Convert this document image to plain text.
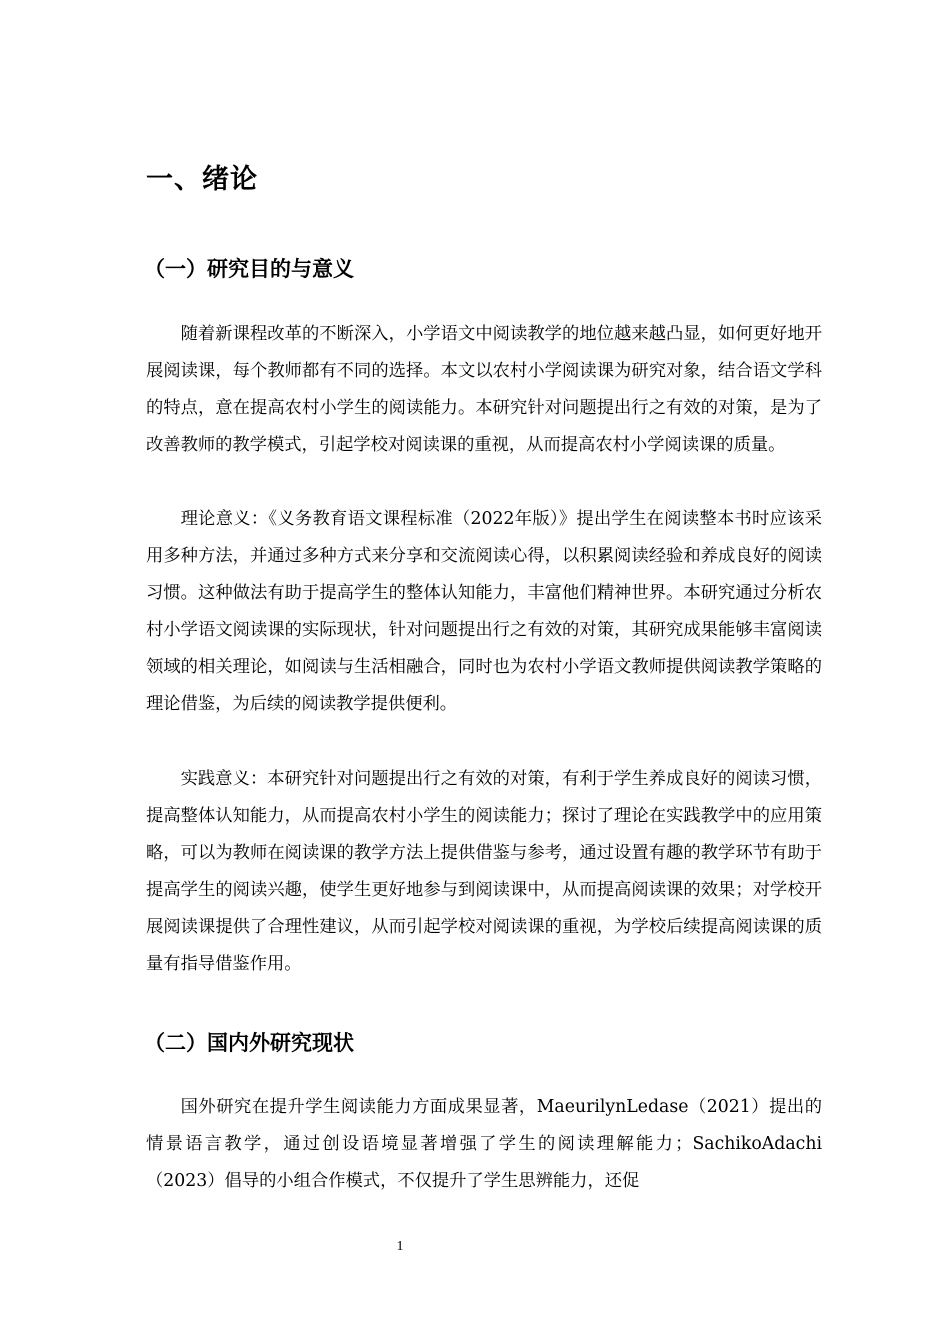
一、绪论
（一）研究目的与意义

随着新课程改革的不断深入，小学语文中阅读教学的地位越来越凸显，如何更好地开展阅读课，每个教师都有不同的选择。本文以农村小学阅读课为研究对象，结合语文学科的特点，意在提高农村小学生的阅读能力。本研究针对问题提出行之有效的对策，是为了改善教师的教学模式，引起学校对阅读课的重视，从而提高农村小学阅读课的质量。

理论意义：《义务教育语文课程标准（2022年版）》提出学生在阅读整本书时应该采用多种方法，并通过多种方式来分享和交流阅读心得，以积累阅读经验和养成良好的阅读习惯。这种做法有助于提高学生的整体认知能力，丰富他们精神世界。本研究通过分析农村小学语文阅读课的实际现状，针对问题提出行之有效的对策，其研究成果能够丰富阅读领域的相关理论，如阅读与生活相融合，同时也为农村小学语文教师提供阅读教学策略的理论借鉴，为后续的阅读教学提供便利。

实践意义：本研究针对问题提出行之有效的对策，有利于学生养成良好的阅读习惯，提高整体认知能力，从而提高农村小学生的阅读能力；探讨了理论在实践教学中的应用策略，可以为教师在阅读课的教学方法上提供借鉴与参考，通过设置有趣的教学环节有助于提高学生的阅读兴趣，使学生更好地参与到阅读课中，从而提高阅读课的效果；对学校开展阅读课提供了合理性建议，从而引起学校对阅读课的重视，为学校后续提高阅读课的质量有指导借鉴作用。

（二）国内外研究现状

国外研究在提升学生阅读能力方面成果显著，MaeurilynLedase（2021）提出的情景语言教学，通过创设语境显著增强了学生的阅读理解能力；SachikoAdachi（2023）倡导的小组合作模式，不仅提升了学生思辨能力，还促

1
